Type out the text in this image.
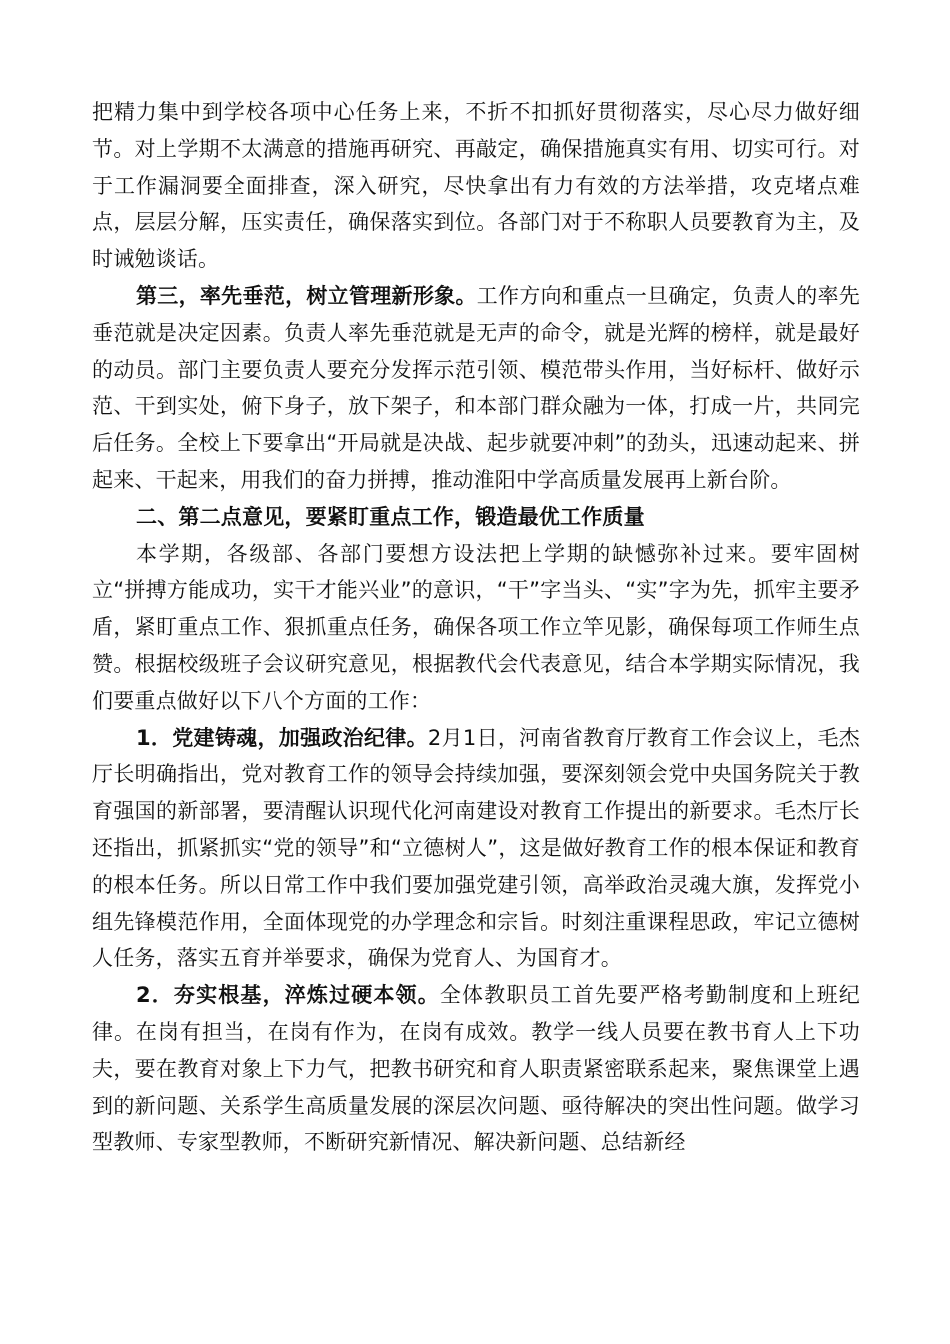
把精力集中到学校各项中心任务上来，不折不扣抓好贯彻落实，尽心尽力做好细节。对上学期不太满意的措施再研究、再敲定，确保措施真实有用、切实可行。对于工作漏洞要全面排查，深入研究，尽快拿出有力有效的方法举措，攻克堵点难点，层层分解，压实责任，确保落实到位。各部门对于不称职人员要教育为主，及时诫勉谈话。

第三，率先垂范，树立管理新形象。工作方向和重点一旦确定，负责人的率先垂范就是决定因素。负责人率先垂范就是无声的命令，就是光辉的榜样，就是最好的动员。部门主要负责人要充分发挥示范引领、模范带头作用，当好标杆、做好示范、干到实处，俯下身子，放下架子，和本部门群众融为一体，打成一片，共同完后任务。全校上下要拿出“开局就是决战、起步就要冲刺”的劲头，迅速动起来、拼起来、干起来，用我们的奋力拼搏，推动淮阳中学高质量发展再上新台阶。

二、第二点意见，要紧盯重点工作，锻造最优工作质量

本学期，各级部、各部门要想方设法把上学期的缺憾弥补过来。要牢固树立“拼搏方能成功，实干才能兴业”的意识，“干”字当头、“实”字为先，抓牢主要矛盾，紧盯重点工作、狠抓重点任务，确保各项工作立竿见影，确保每项工作师生点赞。根据校级班子会议研究意见，根据教代会代表意见，结合本学期实际情况，我们要重点做好以下八个方面的工作：

1．党建铸魂，加强政治纪律。2月1日，河南省教育厅教育工作会议上，毛杰厅长明确指出，党对教育工作的领导会持续加强，要深刻领会党中央国务院关于教育强国的新部署，要清醒认识现代化河南建设对教育工作提出的新要求。毛杰厅长还指出，抓紧抓实“党的领导”和“立德树人”，这是做好教育工作的根本保证和教育的根本任务。所以日常工作中我们要加强党建引领，高举政治灵魂大旗，发挥党小组先锋模范作用，全面体现党的办学理念和宗旨。时刻注重课程思政，牢记立德树人任务，落实五育并举要求，确保为党育人、为国育才。

2．夯实根基，淬炼过硬本领。全体教职员工首先要严格考勤制度和上班纪律。在岗有担当，在岗有作为，在岗有成效。教学一线人员要在教书育人上下功夫，要在教育对象上下力气，把教书研究和育人职责紧密联系起来，聚焦课堂上遇到的新问题、关系学生高质量发展的深层次问题、亟待解决的突出性问题。做学习型教师、专家型教师，不断研究新情况、解决新问题、总结新经
